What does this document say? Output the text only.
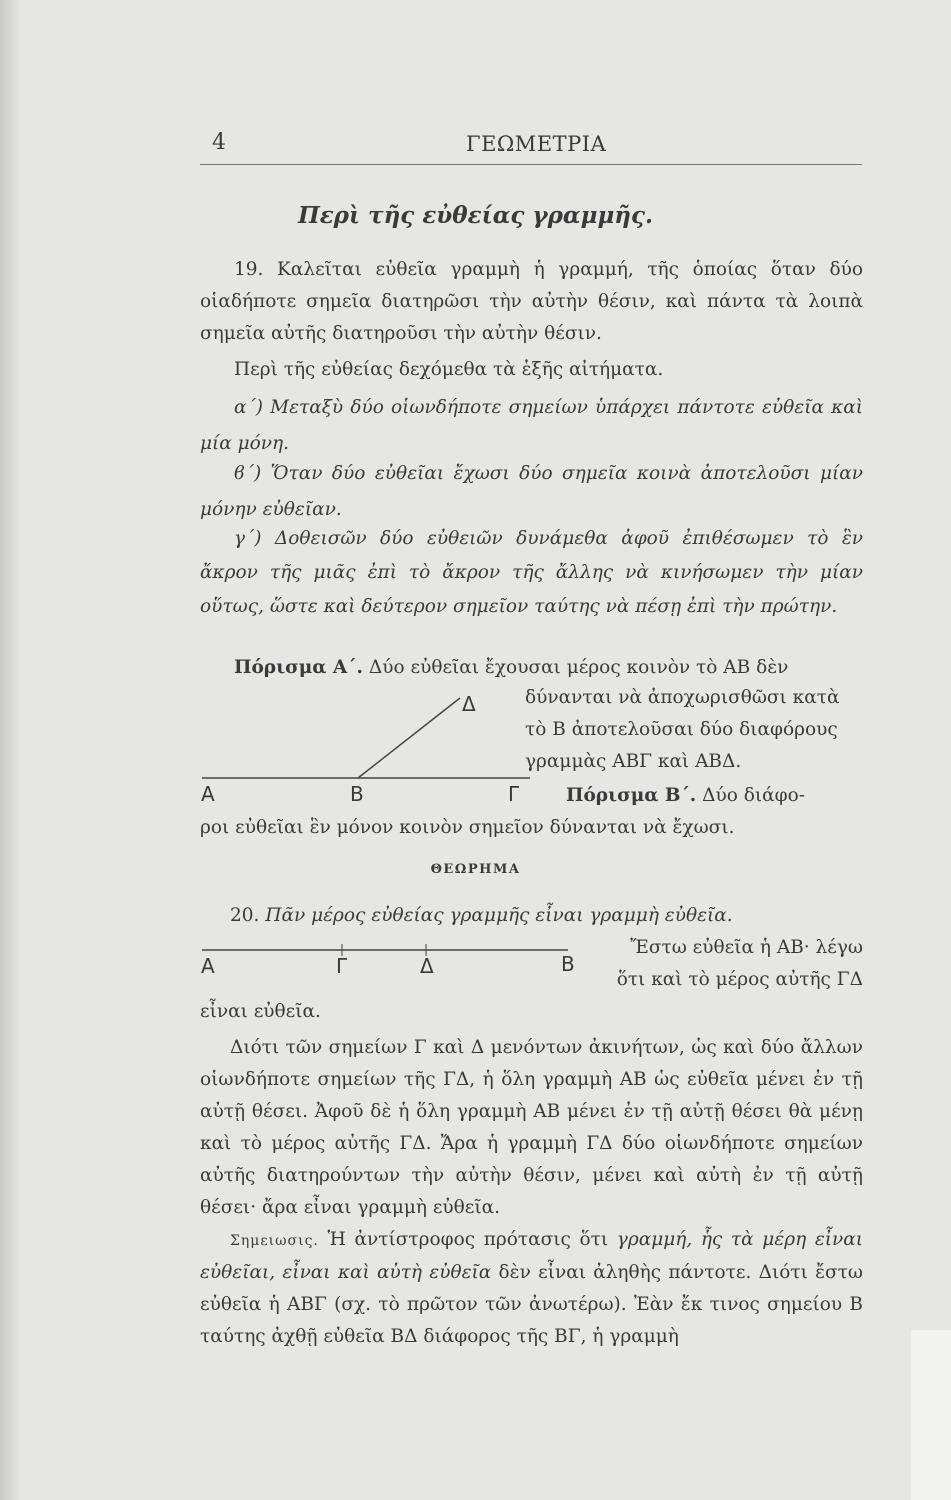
4	ΓΕΩΜΕΤΡΙΑ
Περὶ τῆς εὐθείας γραμμῆς.
19. Καλεῖται εὐθεῖα γραμμὴ ἡ γραμμή, τῆς ὁποίας ὅταν δύο οἱαδήποτε σημεῖα διατηρῶσι τὴν αὐτὴν θέσιν, καὶ πάντα τὰ λοιπὰ σημεῖα αὐτῆς διατηροῦσι τὴν αὐτὴν θέσιν.
Περὶ τῆς εὐθείας δεχόμεθα τὰ ἑξῆς αἰτήματα.
α΄) Μεταξὺ δύο οἱωνδήποτε σημείων ὑπάρχει πάντοτε εὐθεῖα καὶ μία μόνη.
ϐ΄) Ὅταν δύο εὐθεῖαι ἔχωσι δύο σημεῖα κοινὰ ἀποτελοῦσι μίαν μόνην εὐθεῖαν.
γ΄) Δοθεισῶν δύο εὐθειῶν δυνάμεθα ἀφοῦ ἐπιθέσωμεν τὸ ἓν ἄκρον τῆς μιᾶς ἐπὶ τὸ ἄκρον τῆς ἄλλης νὰ κινήσωμεν τὴν μίαν οὕτως, ὥστε καὶ δεύτερον σημεῖον ταύτης νὰ πέσῃ ἐπὶ τὴν πρώτην.
Πόρισμα Α΄. Δύο εὐθεῖαι ἔχουσαι μέρος κοινὸν τὸ ΑΒ δὲν
δύνανται νὰ ἀποχωρισθῶσι κατὰ
τὸ Β ἀποτελοῦσαι δύο διαφόρους
γραμμὰς ΑΒΓ καὶ ΑΒΔ.
Α	Β	Γ
Δ
Πόρισμα Β΄. Δύο διάφο-
ροι εὐθεῖαι ἓν μόνον κοινὸν σημεῖον δύνανται νὰ ἔχωσι.
ΘΕΩΡΗΜΑ
20. Πᾶν μέρος εὐθείας γραμμῆς εἶναι γραμμὴ εὐθεῖα.
Ἔστω εὐθεῖα ἡ ΑΒ· λέγω
ὅτι καὶ τὸ μέρος αὐτῆς ΓΔ
εἶναι εὐθεῖα.
Α	Γ	Δ	Β
Διότι τῶν σημείων Γ καὶ Δ μενόντων ἀκινήτων, ὡς καὶ δύο ἄλλων οἱωνδήποτε σημείων τῆς ΓΔ, ἡ ὅλη γραμμὴ ΑΒ ὡς εὐθεῖα μένει ἐν τῇ αὐτῇ θέσει. Ἀφοῦ δὲ ἡ ὅλη γραμμὴ ΑΒ μένει ἐν τῇ αὐτῇ θέσει θὰ μένῃ καὶ τὸ μέρος αὐτῆς ΓΔ. Ἄρα ἡ γραμμὴ ΓΔ δύο οἱωνδήποτε σημείων αὐτῆς διατηρούντων τὴν αὐτὴν θέσιν, μένει καὶ αὐτὴ ἐν τῇ αὐτῇ θέσει· ἄρα εἶναι γραμμὴ εὐθεῖα.
Σημειωσις. Ἡ ἀντίστροφος πρότασις ὅτι γραμμή, ἧς τὰ μέρη εἶναι εὐθεῖαι, εἶναι καὶ αὐτὴ εὐθεῖα δὲν εἶναι ἀληθὴς πάντοτε. Διότι ἔστω εὐθεῖα ἡ ΑΒΓ (σχ. τὸ πρῶτον τῶν ἀνωτέρω). Ἐὰν ἔκ τινος σημείου Β ταύτης ἀχθῇ εὐθεῖα ΒΔ διάφορος τῆς ΒΓ, ἡ γραμμὴ
